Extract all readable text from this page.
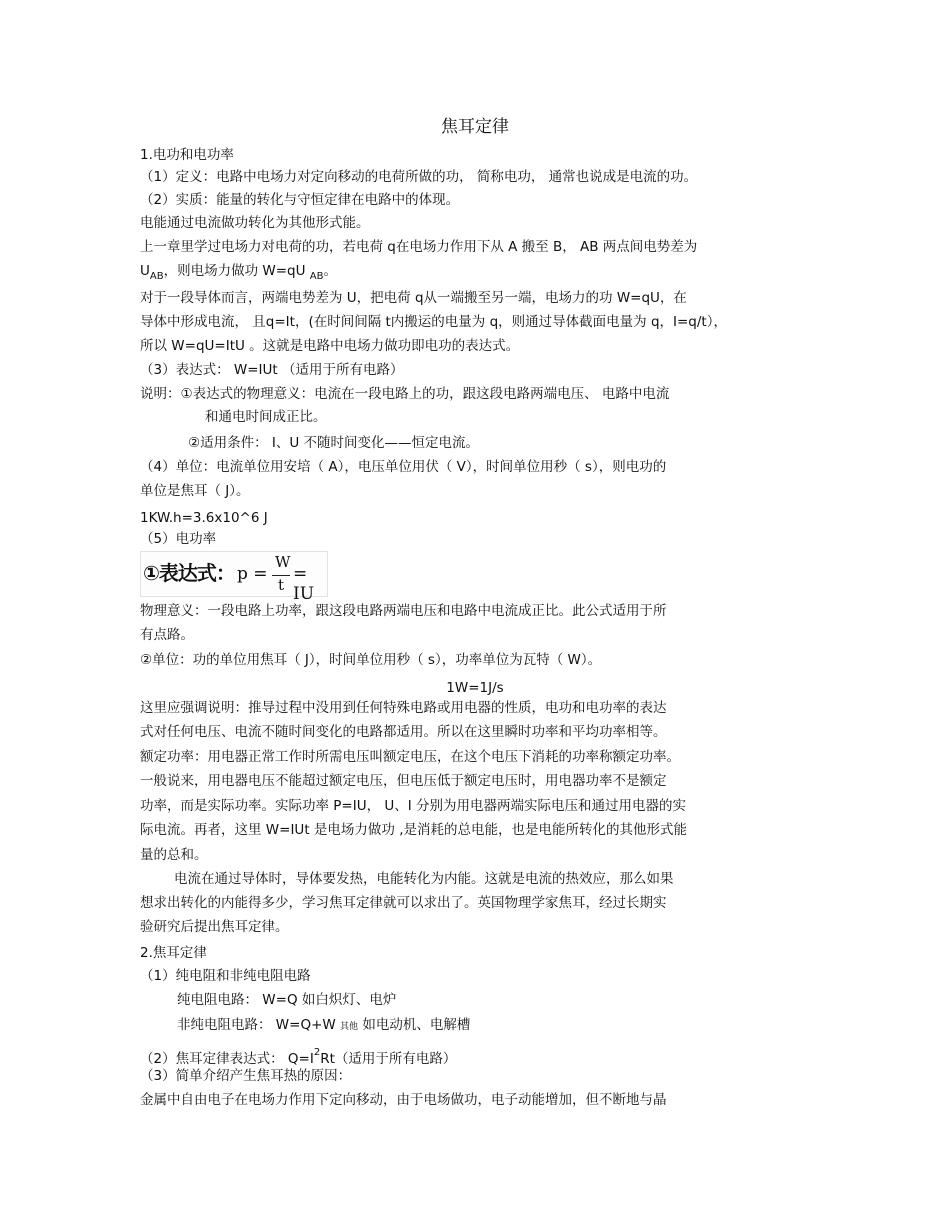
焦耳定律
1.电功和电功率
（1）定义：电路中电场力对定向移动的电荷所做的功， 简称电功， 通常也说成是电流的功。
（2）实质：能量的转化与守恒定律在电路中的体现。
电能通过电流做功转化为其他形式能。
上一章里学过电场力对电荷的功，若电荷 q在电场力作用下从 A 搬至 B， AB 两点间电势差为
$U_{AB}$，则电场力做功 W=qU $_{AB}$。
对于一段导体而言，两端电势差为 U，把电荷 q从一端搬至另一端，电场力的功 W=qU，在
导体中形成电流， 且q=It，(在时间间隔 t内搬运的电量为 q，则通过导体截面电量为 q，I=q/t），
所以 W=qU=ItU 。这就是电路中电场力做功即电功的表达式。
（3）表达式： W=IUt （适用于所有电路）
说明：①表达式的物理意义：电流在一段电路上的功，跟这段电路两端电压、 电路中电流
和通电时间成正比。
②适用条件： I、U 不随时间变化——恒定电流。
（4）单位：电流单位用安培（ A），电压单位用伏（ V），时间单位用秒（ s），则电功的
单位是焦耳（ J）。
1KW.h=3.6x10^6 J
（5）电功率
①表达式： p =
W
t
= IU
物理意义：一段电路上功率，跟这段电路两端电压和电路中电流成正比。此公式适用于所
有点路。
②单位：功的单位用焦耳（ J），时间单位用秒（ s），功率单位为瓦特（ W）。
1W=1J/s
这里应强调说明：推导过程中没用到任何特殊电路或用电器的性质，电功和电功率的表达
式对任何电压、电流不随时间变化的电路都适用。所以在这里瞬时功率和平均功率相等。
额定功率：用电器正常工作时所需电压叫额定电压，在这个电压下消耗的功率称额定功率。
一般说来，用电器电压不能超过额定电压，但电压低于额定电压时，用电器功率不是额定
功率，而是实际功率。实际功率 P=IU， U、I 分别为用电器两端实际电压和通过用电器的实
际电流。再者，这里 W=IUt 是电场力做功 ,是消耗的总电能，也是电能所转化的其他形式能
量的总和。
电流在通过导体时，导体要发热，电能转化为内能。这就是电流的热效应，那么如果
想求出转化的内能得多少，学习焦耳定律就可以求出了。英国物理学家焦耳，经过长期实
验研究后提出焦耳定律。
2.焦耳定律
（1）纯电阻和非纯电阻电路
纯电阻电路： W=Q 如白炽灯、电炉
非纯电阻电路： W=Q+W 其他 如电动机、电解槽
（2）焦耳定律表达式： $Q=I^2Rt$（适用于所有电路）
（3）简单介绍产生焦耳热的原因：
金属中自由电子在电场力作用下定向移动，由于电场做功，电子动能增加，但不断地与晶
